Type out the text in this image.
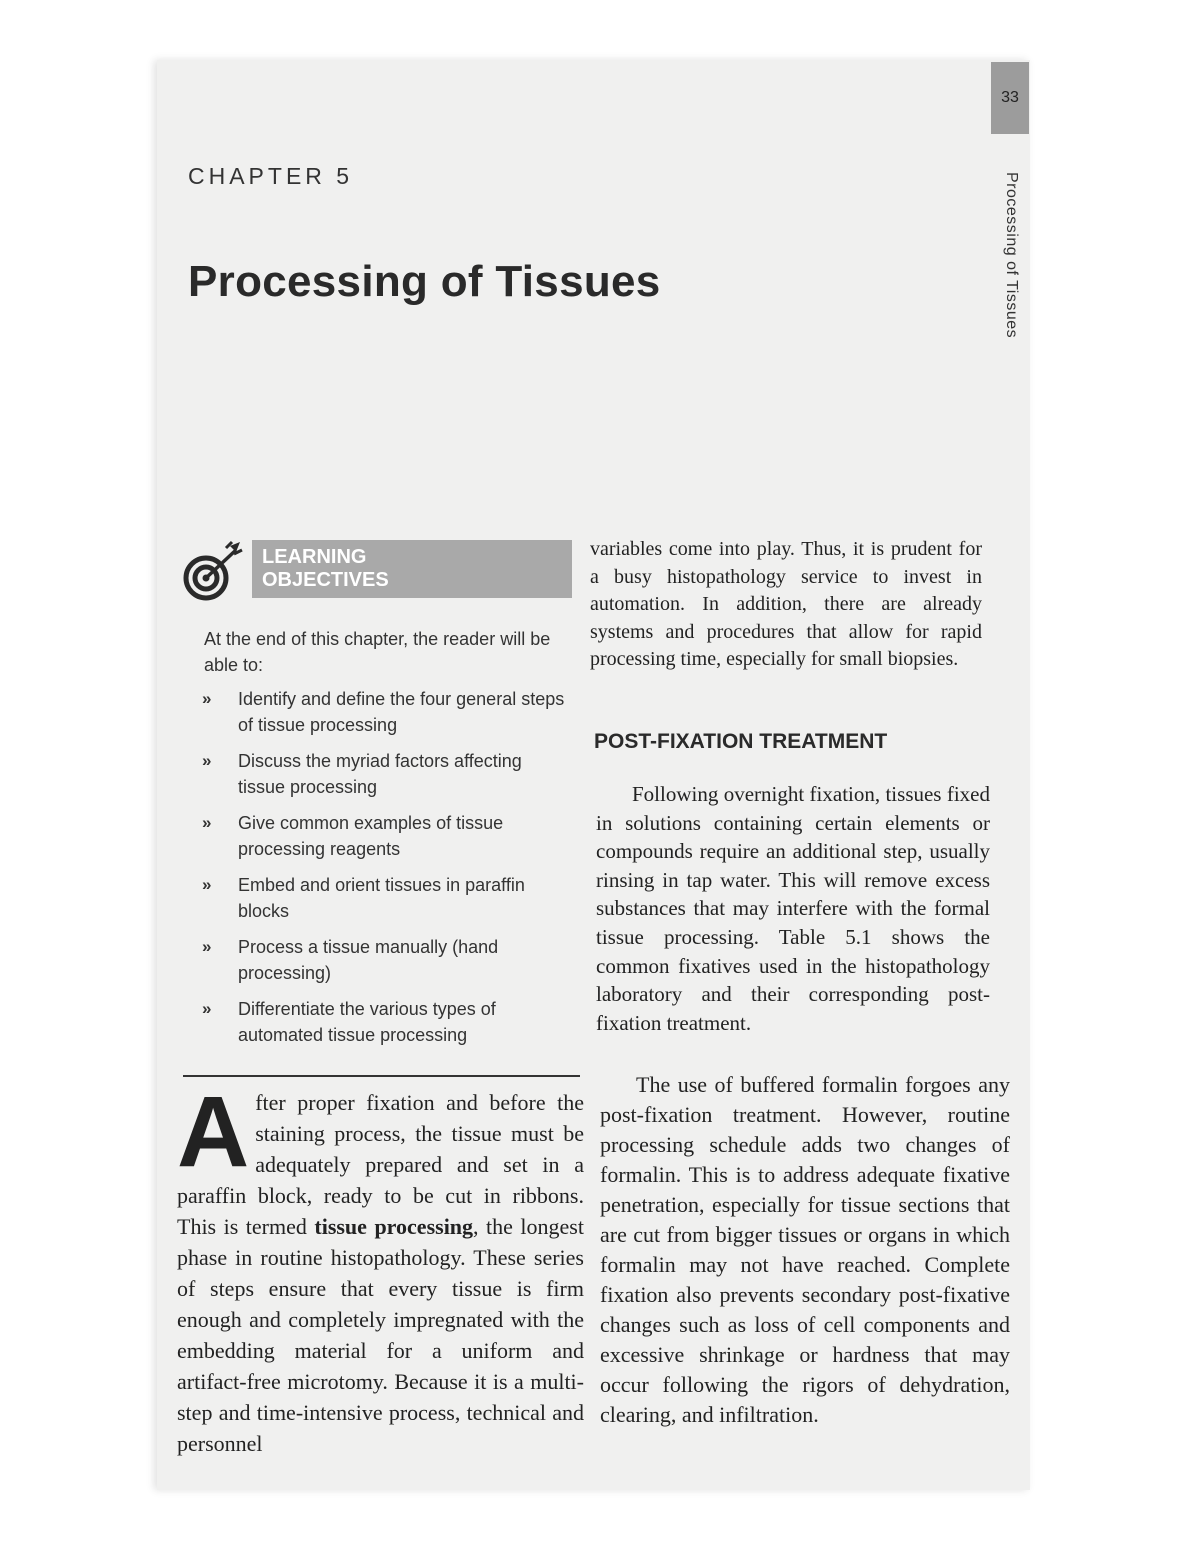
33
Processing of Tissues
CHAPTER 5
Processing of Tissues
LEARNING
OBJECTIVES

At the end of this chapter, the reader will be able to:

» Identify and define the four general steps of tissue processing
» Discuss the myriad factors affecting tissue processing
» Give common examples of tissue processing reagents
» Embed and orient tissues in paraffin blocks
» Process a tissue manually (hand processing)
» Differentiate the various types of automated tissue processing

After proper fixation and before the staining process, the tissue must be adequately prepared and set in a paraffin block, ready to be cut in ribbons. This is termed tissue processing, the longest phase in routine histopathology. These series of steps ensure that every tissue is firm enough and completely impregnated with the embedding material for a uniform and artifact-free microtomy. Because it is a multi-step and time-intensive process, technical and personnel

variables come into play. Thus, it is prudent for a busy histopathology service to invest in automation. In addition, there are already systems and procedures that allow for rapid processing time, especially for small biopsies.

POST-FIXATION TREATMENT

Following overnight fixation, tissues fixed in solutions containing certain elements or compounds require an additional step, usually rinsing in tap water. This will remove excess substances that may interfere with the formal tissue processing. Table 5.1 shows the common fixatives used in the histopathology laboratory and their corresponding post-fixation treatment.

The use of buffered formalin forgoes any post-fixation treatment. However, routine processing schedule adds two changes of formalin. This is to address adequate fixative penetration, especially for tissue sections that are cut from bigger tissues or organs in which formalin may not have reached. Complete fixation also prevents secondary post-fixative changes such as loss of cell components and excessive shrinkage or hardness that may occur following the rigors of dehydration, clearing, and infiltration.
